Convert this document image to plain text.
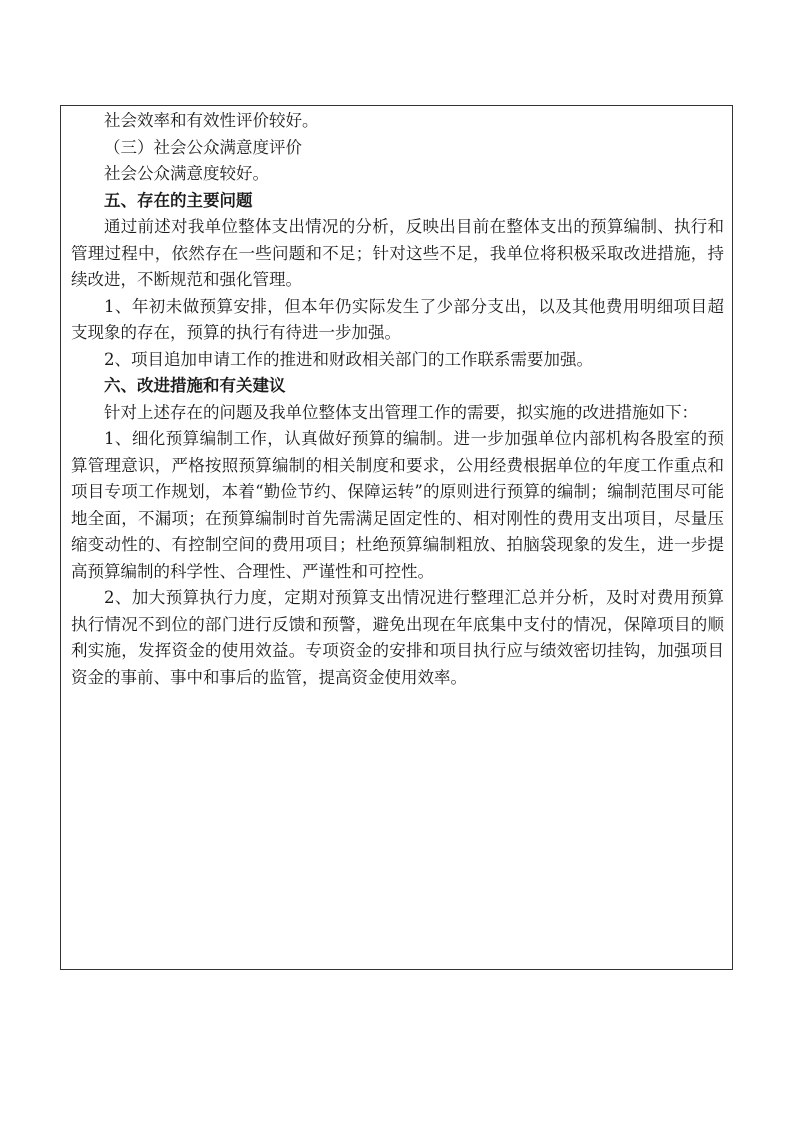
社会效率和有效性评价较好。

（三）社会公众满意度评价

社会公众满意度较好。

五、存在的主要问题

通过前述对我单位整体支出情况的分析，反映出目前在整体支出的预算编制、执行和管理过程中，依然存在一些问题和不足；针对这些不足，我单位将积极采取改进措施，持续改进，不断规范和强化管理。

1、年初未做预算安排，但本年仍实际发生了少部分支出，以及其他费用明细项目超支现象的存在，预算的执行有待进一步加强。

2、项目追加申请工作的推进和财政相关部门的工作联系需要加强。

六、改进措施和有关建议

针对上述存在的问题及我单位整体支出管理工作的需要，拟实施的改进措施如下：

1、细化预算编制工作，认真做好预算的编制。进一步加强单位内部机构各股室的预算管理意识，严格按照预算编制的相关制度和要求，公用经费根据单位的年度工作重点和项目专项工作规划，本着“勤俭节约、保障运转”的原则进行预算的编制；编制范围尽可能地全面，不漏项；在预算编制时首先需满足固定性的、相对刚性的费用支出项目，尽量压缩变动性的、有控制空间的费用项目；杜绝预算编制粗放、拍脑袋现象的发生，进一步提高预算编制的科学性、合理性、严谨性和可控性。

2、加大预算执行力度，定期对预算支出情况进行整理汇总并分析，及时对费用预算执行情况不到位的部门进行反馈和预警，避免出现在年底集中支付的情况，保障项目的顺利实施，发挥资金的使用效益。专项资金的安排和项目执行应与绩效密切挂钩，加强项目资金的事前、事中和事后的监管，提高资金使用效率。
